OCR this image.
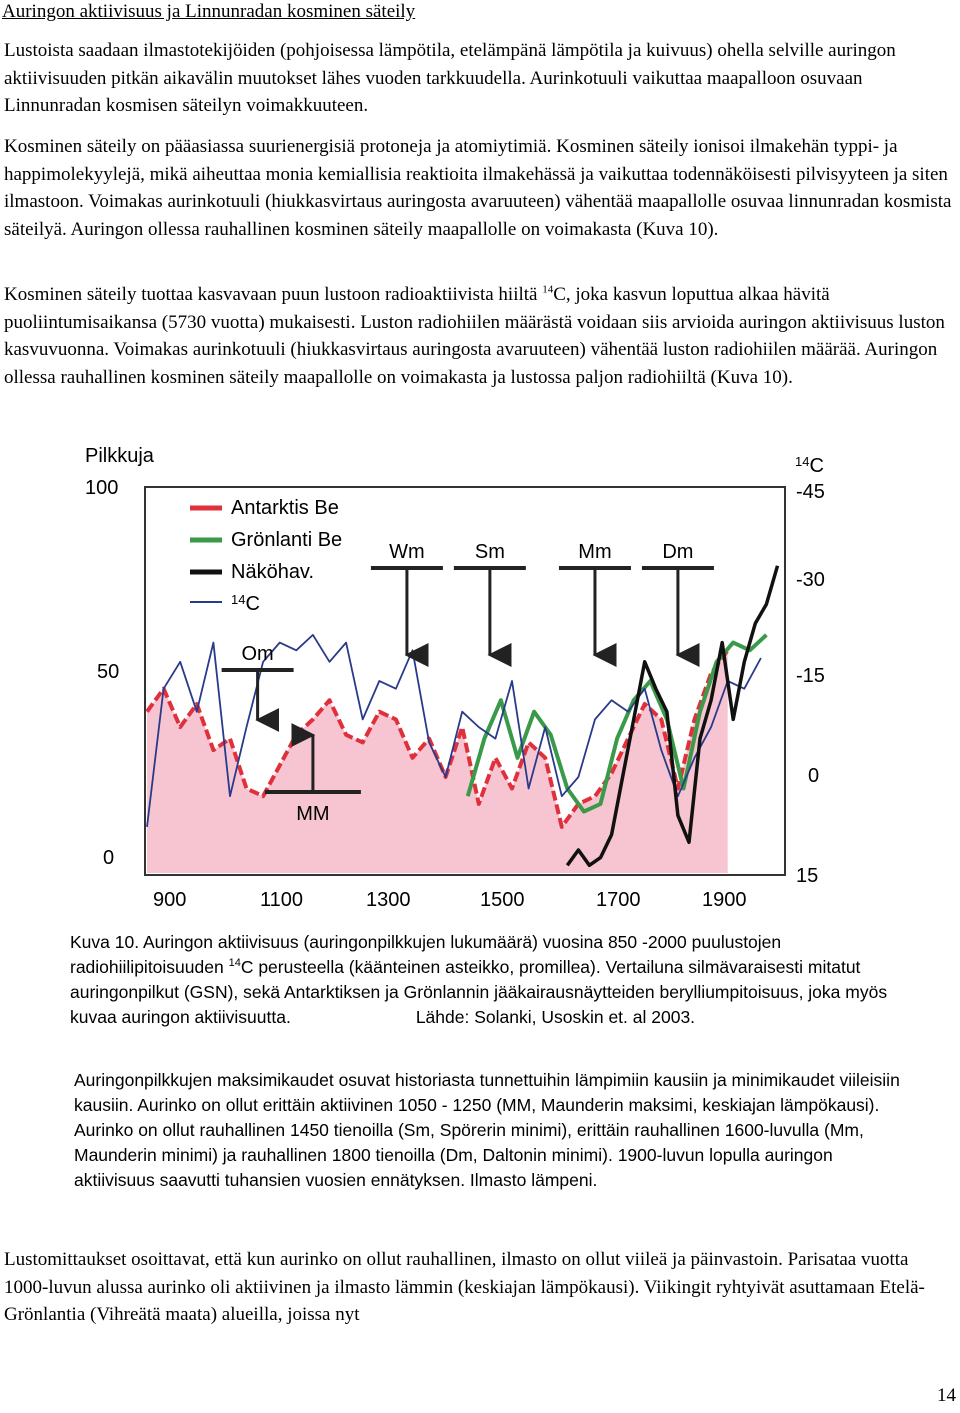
Auringon aktiivisuus ja Linnunradan kosminen säteily

Lustoista saadaan ilmastotekijöiden (pohjoisessa lämpötila, etelämpänä lämpötila ja kuivuus) ohella selville auringon aktiivisuuden pitkän aikavälin muutokset lähes vuoden tarkkuudella. Aurinkotuuli vaikuttaa maapalloon osuvaan Linnunradan kosmisen säteilyn voimakkuuteen.

Kosminen säteily on pääasiassa suurienergisiä protoneja ja atomiytimiä. Kosminen säteily ionisoi ilmakehän typpi- ja happimolekyylejä, mikä aiheuttaa monia kemiallisia reaktioita ilmakehässä ja vaikuttaa todennäköisesti pilvisyyteen ja siten ilmastoon. Voimakas aurinkotuuli (hiukkasvirtaus auringosta avaruuteen) vähentää maapallolle osuvaa linnunradan kosmista säteilyä. Auringon ollessa rauhallinen kosminen säteily maapallolle on voimakasta (Kuva 10).

Kosminen säteily tuottaa kasvavaan puun lustoon radioaktiivista hiiltä $^{14}$C, joka kasvun loputtua alkaa hävitä puoliintumisaikansa (5730 vuotta) mukaisesti. Luston radiohiilen määrästä voidaan siis arvioida auringon aktiivisuus luston kasvuvuonna. Voimakas aurinkotuuli (hiukkasvirtaus auringosta avaruuteen) vähentää luston radiohiilen määrää. Auringon ollessa rauhallinen kosminen säteily maapallolle on voimakasta ja lustossa paljon radiohiiltä (Kuva 10).

Pilkkuja	$^{14}$C
100
50
0
-45
-30
-15
0
15
900	1100	1300	1500	1700	1900
Om
MM
Wm	Sm	Mm	Dm
Antarktis Be
Grönlanti Be
Näköhav.
$^{14}$C

Kuva 10. Auringon aktiivisuus (auringonpilkkujen lukumäärä) vuosina 850 -2000 puulustojen radiohiilipitoisuuden $^{14}$C perusteella (käänteinen asteikko, promillea). Vertailuna silmävaraisesti mitatut auringonpilkut (GSN), sekä Antarktiksen ja Grönlannin jääkairausnäytteiden berylliumpitoisuus, joka myös kuvaa auringon aktiivisuutta.	Lähde: Solanki, Usoskin et. al 2003.

Auringonpilkkujen maksimikaudet osuvat historiasta tunnettuihin lämpimiin kausiin ja minimikaudet viileisiin kausiin. Aurinko on ollut erittäin aktiivinen 1050 - 1250 (MM, Maunderin maksimi, keskiajan lämpökausi). Aurinko on ollut rauhallinen 1450 tienoilla (Sm, Spörerin minimi), erittäin rauhallinen 1600-luvulla (Mm, Maunderin minimi) ja rauhallinen 1800 tienoilla (Dm, Daltonin minimi). 1900-luvun lopulla auringon aktiivisuus saavutti tuhansien vuosien ennätyksen. Ilmasto lämpeni.

Lustomittaukset osoittavat, että kun aurinko on ollut rauhallinen, ilmasto on ollut viileä ja päinvastoin. Parisataa vuotta 1000-luvun alussa aurinko oli aktiivinen ja ilmasto lämmin (keskiajan lämpökausi). Viikingit ryhtyivät asuttamaan Etelä-Grönlantia (Vihreätä maata) alueilla, joissa nyt

14
